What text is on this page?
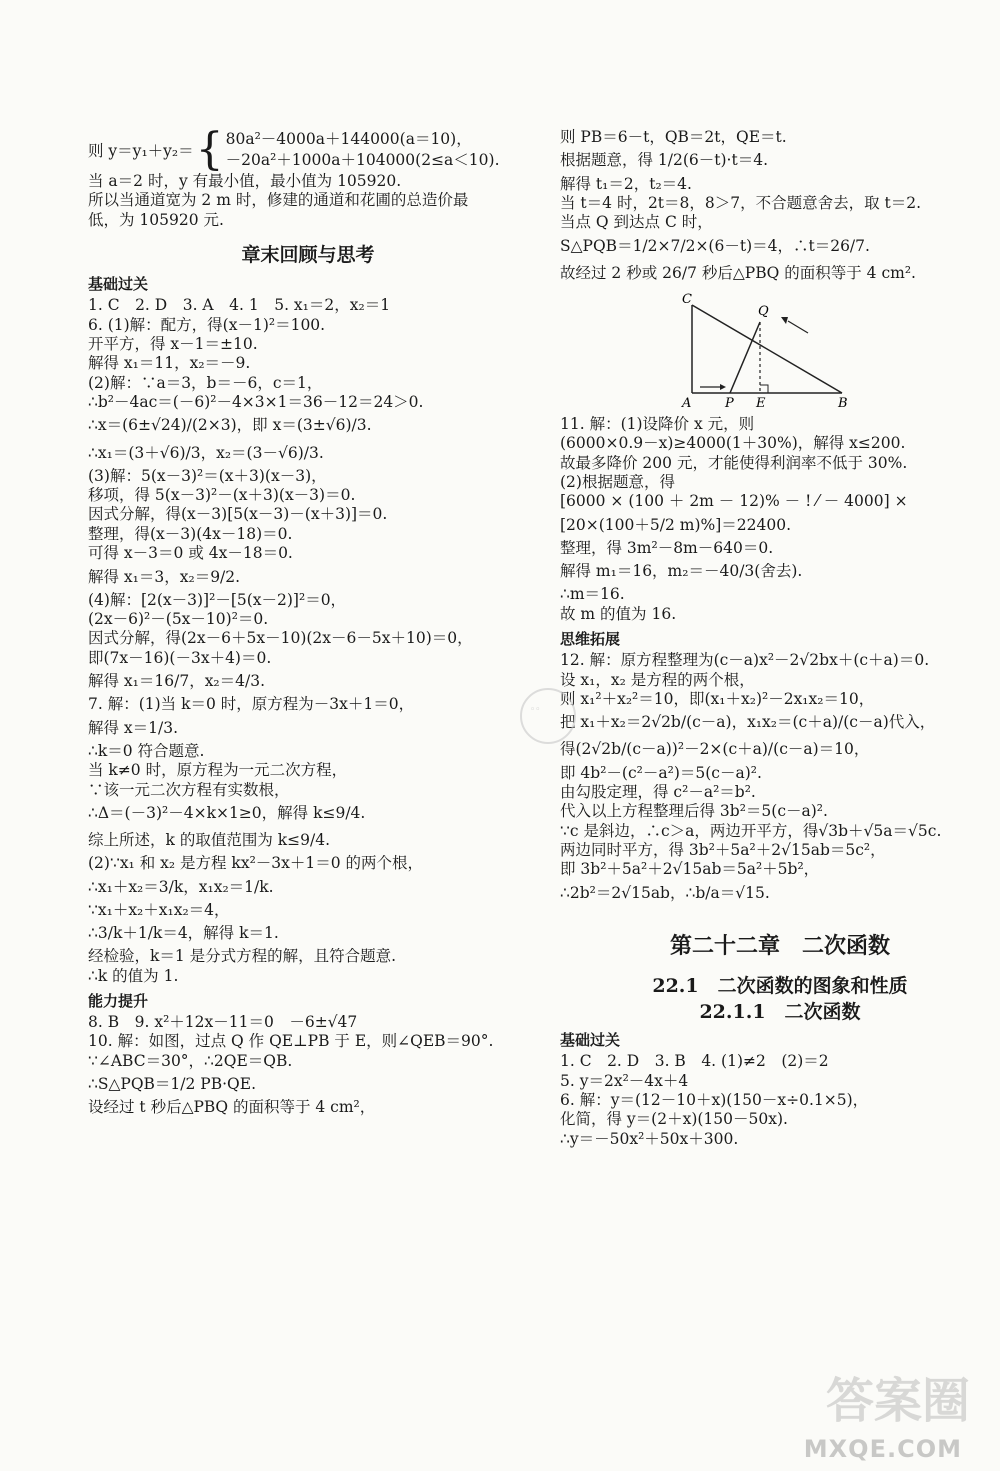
则 y＝y₁＋y₂＝ { 80a²－4000a＋144000(a＝10)，

－20a²＋1000a＋104000(2≤a＜10).

当 a＝2 时，y 有最小值，最小值为 105920.

所以当通道宽为 2 m 时，修建的通道和花圃的总造价最

低，为 105920 元.

章末回顾与思考
基础过关

1. C　2. D　3. A　4. 1　5. x₁＝2，x₂＝1

6. (1)解：配方，得(x－1)²＝100.

开平方，得 x－1＝±10.

解得 x₁＝11，x₂＝－9.

(2)解：∵a＝3，b＝－6，c＝1，

∴b²－4ac＝(－6)²－4×3×1＝36－12＝24＞0.

∴x＝(6±√24)/(2×3)，即 x＝(3±√6)/3.

∴x₁＝(3＋√6)/3，x₂＝(3－√6)/3.

(3)解：5(x－3)²＝(x＋3)(x－3)，

移项，得 5(x－3)²－(x＋3)(x－3)＝0.

因式分解，得(x－3)[5(x－3)－(x＋3)]＝0.

整理，得(x－3)(4x－18)＝0.

可得 x－3＝0 或 4x－18＝0.

解得 x₁＝3，x₂＝9/2.

(4)解：[2(x－3)]²－[5(x－2)]²＝0，

(2x－6)²－(5x－10)²＝0.

因式分解，得(2x－6＋5x－10)(2x－6－5x＋10)＝0，

即(7x－16)(－3x＋4)＝0.

解得 x₁＝16/7，x₂＝4/3.

7. 解：(1)当 k＝0 时，原方程为－3x＋1＝0，

解得 x＝1/3.

∴k＝0 符合题意.

当 k≠0 时，原方程为一元二次方程，

∵该一元二次方程有实数根，

∴Δ＝(－3)²－4×k×1≥0，解得 k≤9/4.

综上所述，k 的取值范围为 k≤9/4.

(2)∵x₁ 和 x₂ 是方程 kx²－3x＋1＝0 的两个根，

∴x₁＋x₂＝3/k，x₁x₂＝1/k.

∵x₁＋x₂＋x₁x₂＝4，

∴3/k＋1/k＝4，解得 k＝1.

经检验，k＝1 是分式方程的解，且符合题意.

∴k 的值为 1.

能力提升

8. B　9. x²＋12x－11＝0　－6±√47

10. 解：如图，过点 Q 作 QE⊥PB 于 E，则∠QEB＝90°.

∵∠ABC＝30°，∴2QE＝QB.

∴S△PQB＝1/2 PB·QE.

设经过 t 秒后△PBQ 的面积等于 4 cm²，

则 PB＝6－t，QB＝2t，QE＝t.

根据题意，得 1/2(6－t)·t＝4.

解得 t₁＝2，t₂＝4.

当 t＝4 时，2t＝8，8＞7，不合题意舍去，取 t＝2.

当点 Q 到达点 C 时，

S△PQB＝1/2×7/2×(6－t)＝4，∴t＝26/7.

故经过 2 秒或 26/7 秒后△PBQ 的面积等于 4 cm².

C
Q
A	P E	B

11. 解：(1)设降价 x 元，则

(6000×0.9－x)≥4000(1＋30%)，解得 x≤200.

故最多降价 200 元，才能使得利润率不低于 30%.

(2)根据题意，得

[6000 × (100 ＋ 2m － 12)% － ! ⁄ － 4000] ×

[20×(100＋5/2 m)%]＝22400.

整理，得 3m²－8m－640＝0.

解得 m₁＝16，m₂＝－40/3(舍去).

∴m＝16.

故 m 的值为 16.

思维拓展

12. 解：原方程整理为(c－a)x²－2√2bx＋(c＋a)＝0.

设 x₁，x₂ 是方程的两个根，

则 x₁²＋x₂²＝10，即(x₁＋x₂)²－2x₁x₂＝10，

把 x₁＋x₂＝2√2b/(c－a)，x₁x₂＝(c＋a)/(c－a)代入，

得(2√2b/(c－a))²－2×(c＋a)/(c－a)＝10，

即 4b²－(c²－a²)＝5(c－a)².

由勾股定理，得 c²－a²＝b².

代入以上方程整理后得 3b²＝5(c－a)².

∵c 是斜边，∴c＞a，两边开平方，得√3b＋√5a＝√5c.

两边同时平方，得 3b²＋5a²＋2√15ab＝5c²，

即 3b²＋5a²＋2√15ab＝5a²＋5b²，

∴2b²＝2√15ab，∴b/a＝√15.

第二十二章　二次函数
22.1　二次函数的图象和性质
22.1.1　二次函数
基础过关

1. C　2. D　3. B　4. (1)≠2　(2)＝2

5. y＝2x²－4x＋4

6. 解：y＝(12－10＋x)(150－x÷0.1×5)，

化简，得 y＝(2＋x)(150－50x).

∴y＝－50x²＋50x＋300.

◦◦
答案圈
MXQE.COM
